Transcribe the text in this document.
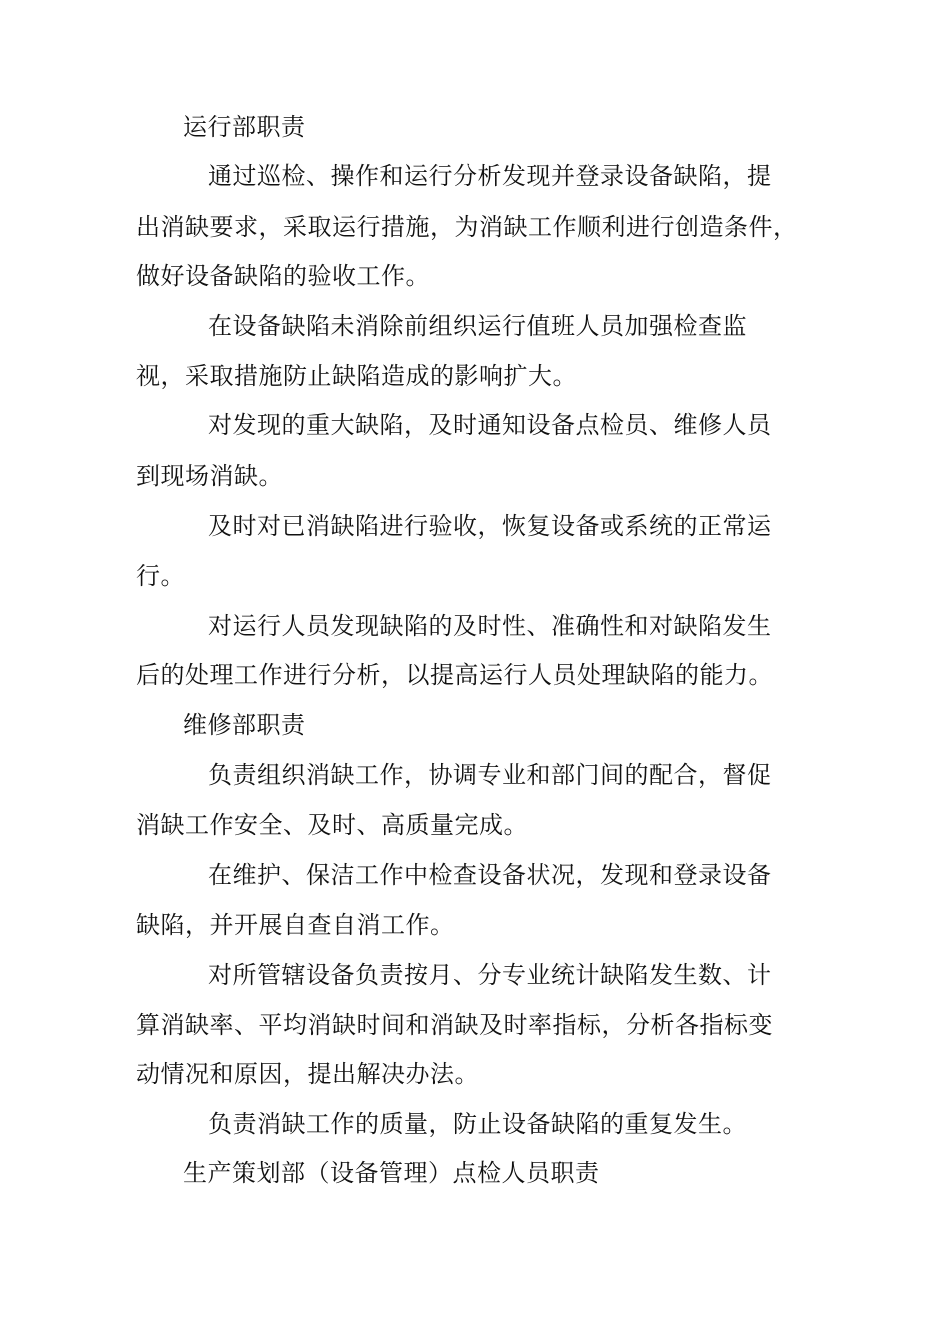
运行部职责
通过巡检、操作和运行分析发现并登录设备缺陷，提
出消缺要求，采取运行措施，为消缺工作顺利进行创造条件，
做好设备缺陷的验收工作。
在设备缺陷未消除前组织运行值班人员加强检查监
视，采取措施防止缺陷造成的影响扩大。
对发现的重大缺陷，及时通知设备点检员、维修人员
到现场消缺。
及时对已消缺陷进行验收，恢复设备或系统的正常运
行。
对运行人员发现缺陷的及时性、准确性和对缺陷发生
后的处理工作进行分析，以提高运行人员处理缺陷的能力。
维修部职责
负责组织消缺工作，协调专业和部门间的配合，督促
消缺工作安全、及时、高质量完成。
在维护、保洁工作中检查设备状况，发现和登录设备
缺陷，并开展自查自消工作。
对所管辖设备负责按月、分专业统计缺陷发生数、计
算消缺率、平均消缺时间和消缺及时率指标，分析各指标变
动情况和原因，提出解决办法。
负责消缺工作的质量，防止设备缺陷的重复发生。
生产策划部（设备管理）点检人员职责
